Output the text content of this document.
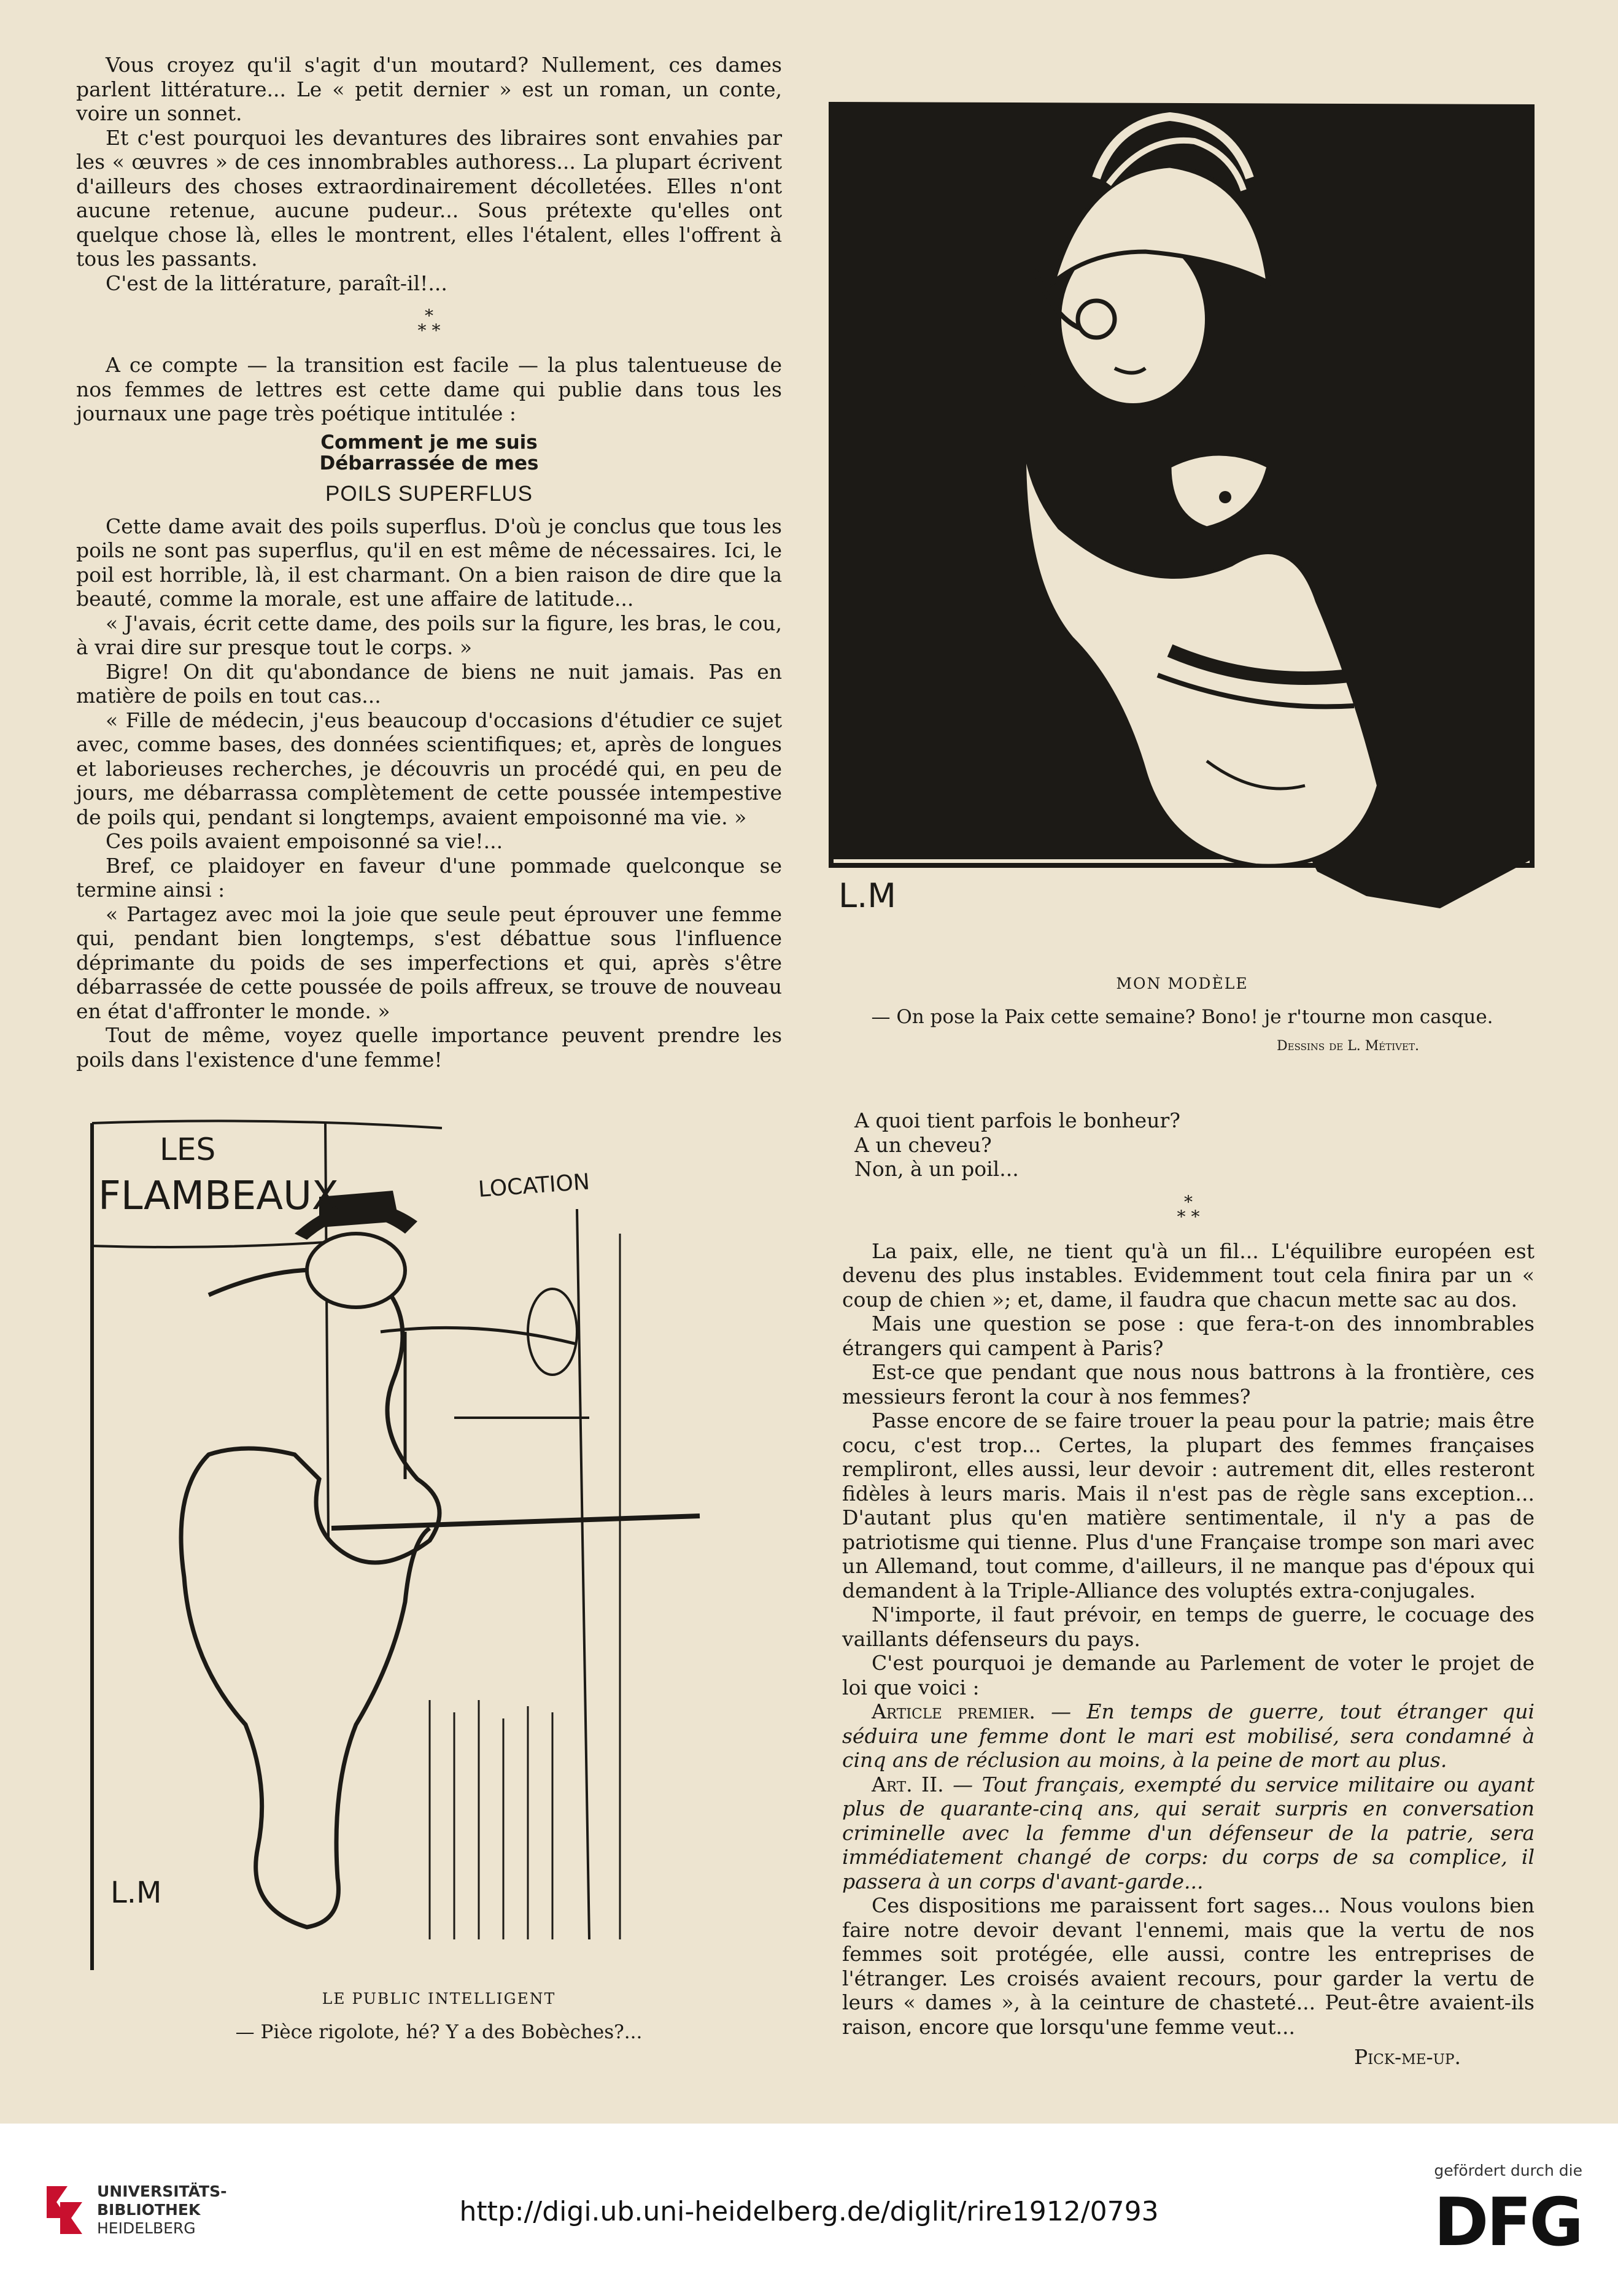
Vous croyez qu'il s'agit d'un moutard? Nullement, ces dames parlent littérature... Le « petit dernier » est un roman, un conte, voire un sonnet.

Et c'est pourquoi les devantures des libraires sont envahies par les « œuvres » de ces innombrables authoress... La plupart écrivent d'ailleurs des choses extraordinairement décolletées. Elles n'ont aucune retenue, aucune pudeur... Sous prétexte qu'elles ont quelque chose là, elles le montrent, elles l'étalent, elles l'offrent à tous les passants.

C'est de la littérature, paraît-il!...

*
* *

A ce compte — la transition est facile — la plus talentueuse de nos femmes de lettres est cette dame qui publie dans tous les journaux une page très poétique intitulée :

Comment je me suis
Débarrassée de mes
POILS SUPERFLUS

Cette dame avait des poils superflus. D'où je conclus que tous les poils ne sont pas superflus, qu'il en est même de nécessaires. Ici, le poil est horrible, là, il est charmant. On a bien raison de dire que la beauté, comme la morale, est une affaire de latitude...

« J'avais, écrit cette dame, des poils sur la figure, les bras, le cou, à vrai dire sur presque tout le corps. »

Bigre! On dit qu'abondance de biens ne nuit jamais. Pas en matière de poils en tout cas...

« Fille de médecin, j'eus beaucoup d'occasions d'étudier ce sujet avec, comme bases, des données scientifiques; et, après de longues et laborieuses recherches, je découvris un procédé qui, en peu de jours, me débarrassa complètement de cette poussée intempestive de poils qui, pendant si longtemps, avaient empoisonné ma vie. »

Ces poils avaient empoisonné sa vie!...

Bref, ce plaidoyer en faveur d'une pommade quelconque se termine ainsi :

« Partagez avec moi la joie que seule peut éprouver une femme qui, pendant bien longtemps, s'est débattue sous l'influence déprimante du poids de ses imperfections et qui, après s'être débarrassée de cette poussée de poils affreux, se trouve de nouveau en état d'affronter le monde. »

Tout de même, voyez quelle importance peuvent prendre les poils dans l'existence d'une femme!

L.M
MON MODÈLE
— On pose la Paix cette semaine? Bono! je r'tourne mon casque.
Dessins de L. Métivet.
LES
FLAMBEAUX	LOCATION
L.M
LE PUBLIC INTELLIGENT
— Pièce rigolote, hé? Y a des Bobèches?...

A quoi tient parfois le bonheur?

A un cheveu?

Non, à un poil...

*
* *

La paix, elle, ne tient qu'à un fil... L'équilibre européen est devenu des plus instables. Evidemment tout cela finira par un « coup de chien »; et, dame, il faudra que chacun mette sac au dos.

Mais une question se pose : que fera-t-on des innombrables étrangers qui campent à Paris?

Est-ce que pendant que nous nous battrons à la frontière, ces messieurs feront la cour à nos femmes?

Passe encore de se faire trouer la peau pour la patrie; mais être cocu, c'est trop... Certes, la plupart des femmes françaises rempliront, elles aussi, leur devoir : autrement dit, elles resteront fidèles à leurs maris. Mais il n'est pas de règle sans exception... D'autant plus qu'en matière sentimentale, il n'y a pas de patriotisme qui tienne. Plus d'une Française trompe son mari avec un Allemand, tout comme, d'ailleurs, il ne manque pas d'époux qui demandent à la Triple-Alliance des voluptés extra-conjugales.

N'importe, il faut prévoir, en temps de guerre, le cocuage des vaillants défenseurs du pays.

C'est pourquoi je demande au Parlement de voter le projet de loi que voici :

Article premier. — En temps de guerre, tout étranger qui séduira une femme dont le mari est mobilisé, sera condamné à cinq ans de réclusion au moins, à la peine de mort au plus.

Art. II. — Tout français, exempté du service militaire ou ayant plus de quarante-cinq ans, qui serait surpris en conversation criminelle avec la femme d'un défenseur de la patrie, sera immédiatement changé de corps: du corps de sa complice, il passera à un corps d'avant-garde...

Ces dispositions me paraissent fort sages... Nous voulons bien faire notre devoir devant l'ennemi, mais que la vertu de nos femmes soit protégée, elle aussi, contre les entreprises de l'étranger. Les croisés avaient recours, pour garder la vertu de leurs « dames », à la ceinture de chasteté... Peut-être avaient-ils raison, encore que lorsqu'une femme veut...

Pick-me-up.
UNIVERSITÄTS-
BIBLIOTHEK
HEIDELBERG
http://digi.ub.uni-heidelberg.de/diglit/rire1912/0793
gefördert durch die
DFG
